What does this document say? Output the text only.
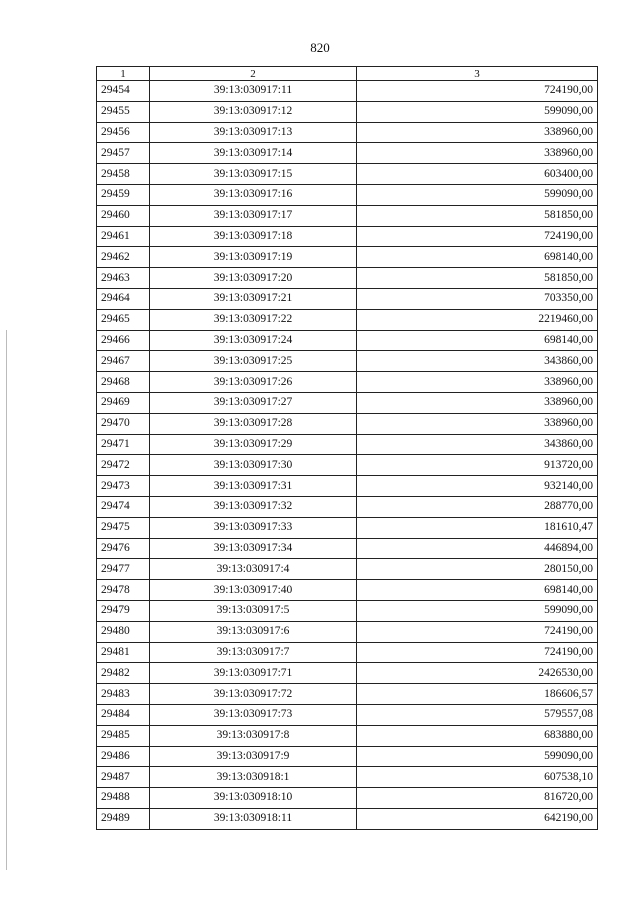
820
1	2	3
29454	39:13:030917:11	724190,00
29455	39:13:030917:12	599090,00
29456	39:13:030917:13	338960,00
29457	39:13:030917:14	338960,00
29458	39:13:030917:15	603400,00
29459	39:13:030917:16	599090,00
29460	39:13:030917:17	581850,00
29461	39:13:030917:18	724190,00
29462	39:13:030917:19	698140,00
29463	39:13:030917:20	581850,00
29464	39:13:030917:21	703350,00
29465	39:13:030917:22	2219460,00
29466	39:13:030917:24	698140,00
29467	39:13:030917:25	343860,00
29468	39:13:030917:26	338960,00
29469	39:13:030917:27	338960,00
29470	39:13:030917:28	338960,00
29471	39:13:030917:29	343860,00
29472	39:13:030917:30	913720,00
29473	39:13:030917:31	932140,00
29474	39:13:030917:32	288770,00
29475	39:13:030917:33	181610,47
29476	39:13:030917:34	446894,00
29477	39:13:030917:4	280150,00
29478	39:13:030917:40	698140,00
29479	39:13:030917:5	599090,00
29480	39:13:030917:6	724190,00
29481	39:13:030917:7	724190,00
29482	39:13:030917:71	2426530,00
29483	39:13:030917:72	186606,57
29484	39:13:030917:73	579557,08
29485	39:13:030917:8	683880,00
29486	39:13:030917:9	599090,00
29487	39:13:030918:1	607538,10
29488	39:13:030918:10	816720,00
29489	39:13:030918:11	642190,00
